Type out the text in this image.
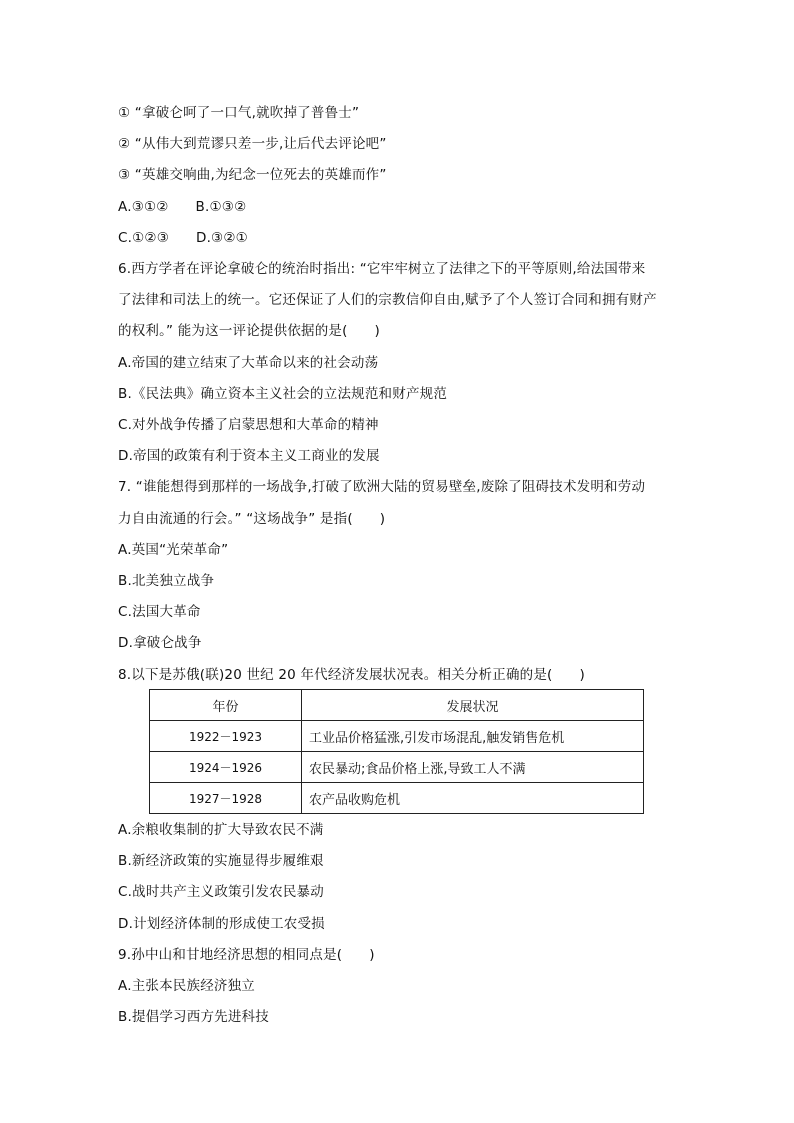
① “拿破仑呵了一口气,就吹掉了普鲁士”
② “从伟大到荒谬只差一步,让后代去评论吧”
③ “英雄交响曲,为纪念一位死去的英雄而作”
A.③①②      B.①③②
C.①②③      D.③②①
6.西方学者在评论拿破仑的统治时指出: “它牢牢树立了法律之下的平等原则,给法国带来
了法律和司法上的统一。它还保证了人们的宗教信仰自由,赋予了个人签订合同和拥有财产
的权利。” 能为这一评论提供依据的是(      )
A.帝国的建立结束了大革命以来的社会动荡
B.《民法典》确立资本主义社会的立法规范和财产规范
C.对外战争传播了启蒙思想和大革命的精神
D.帝国的政策有利于资本主义工商业的发展
7. “谁能想得到那样的一场战争,打破了欧洲大陆的贸易壁垒,废除了阻碍技术发明和劳动
力自由流通的行会。” “这场战争” 是指(      )
A.英国“光荣革命”
B.北美独立战争
C.法国大革命
D.拿破仑战争
8.以下是苏俄(联)20 世纪 20 年代经济发展状况表。相关分析正确的是(      )
年份	发展状况
1922－1923	工业品价格猛涨,引发市场混乱,触发销售危机
1924－1926	农民暴动;食品价格上涨,导致工人不满
1927－1928	农产品收购危机
A.余粮收集制的扩大导致农民不满
B.新经济政策的实施显得步履维艰
C.战时共产主义政策引发农民暴动
D.计划经济体制的形成使工农受损
9.孙中山和甘地经济思想的相同点是(      )
A.主张本民族经济独立
B.提倡学习西方先进科技
